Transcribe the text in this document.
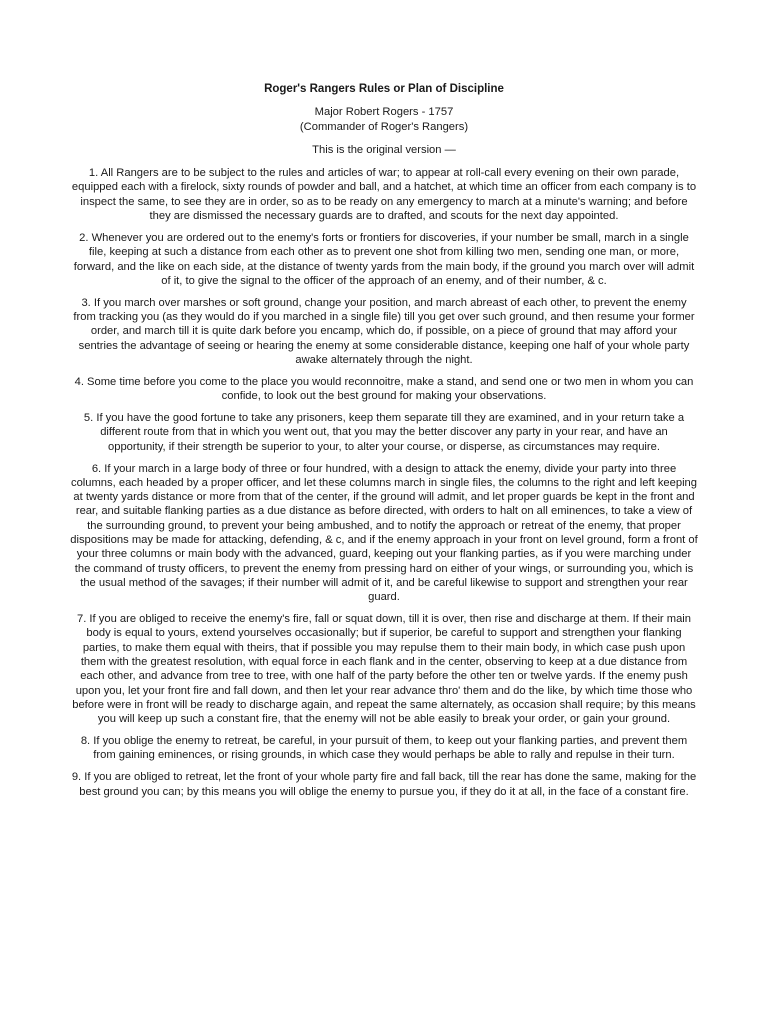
Roger's Rangers Rules or Plan of Discipline
Major Robert Rogers - 1757
(Commander of Roger's Rangers)
This is the original version —

1. All Rangers are to be subject to the rules and articles of war; to appear at roll-call every evening on their own parade, equipped each with a firelock, sixty rounds of powder and ball, and a hatchet, at which time an officer from each company is to inspect the same, to see they are in order, so as to be ready on any emergency to march at a minute's warning; and before they are dismissed the necessary guards are to drafted, and scouts for the next day appointed.

2. Whenever you are ordered out to the enemy's forts or frontiers for discoveries, if your number be small, march in a single file, keeping at such a distance from each other as to prevent one shot from killing two men, sending one man, or more, forward, and the like on each side, at the distance of twenty yards from the main body, if the ground you march over will admit of it, to give the signal to the officer of the approach of an enemy, and of their number, & c.

3. If you march over marshes or soft ground, change your position, and march abreast of each other, to prevent the enemy from tracking you (as they would do if you marched in a single file) till you get over such ground, and then resume your former order, and march till it is quite dark before you encamp, which do, if possible, on a piece of ground that may afford your sentries the advantage of seeing or hearing the enemy at some considerable distance, keeping one half of your whole party awake alternately through the night.

4. Some time before you come to the place you would reconnoitre, make a stand, and send one or two men in whom you can confide, to look out the best ground for making your observations.

5. If you have the good fortune to take any prisoners, keep them separate till they are examined, and in your return take a different route from that in which you went out, that you may the better discover any party in your rear, and have an opportunity, if their strength be superior to your, to alter your course, or disperse, as circumstances may require.

6. If your march in a large body of three or four hundred, with a design to attack the enemy, divide your party into three columns, each headed by a proper officer, and let these columns march in single files, the columns to the right and left keeping at twenty yards distance or more from that of the center, if the ground will admit, and let proper guards be kept in the front and rear, and suitable flanking parties as a due distance as before directed, with orders to halt on all eminences, to take a view of the surrounding ground, to prevent your being ambushed, and to notify the approach or retreat of the enemy, that proper dispositions may be made for attacking, defending, & c, and if the enemy approach in your front on level ground, form a front of your three columns or main body with the advanced, guard, keeping out your flanking parties, as if you were marching under the command of trusty officers, to prevent the enemy from pressing hard on either of your wings, or surrounding you, which is the usual method of the savages; if their number will admit of it, and be careful likewise to support and strengthen your rear guard.

7. If you are obliged to receive the enemy's fire, fall or squat down, till it is over, then rise and discharge at them. If their main body is equal to yours, extend yourselves occasionally; but if superior, be careful to support and strengthen your flanking parties, to make them equal with theirs, that if possible you may repulse them to their main body, in which case push upon them with the greatest resolution, with equal force in each flank and in the center, observing to keep at a due distance from each other, and advance from tree to tree, with one half of the party before the other ten or twelve yards. If the enemy push upon you, let your front fire and fall down, and then let your rear advance thro' them and do the like, by which time those who before were in front will be ready to discharge again, and repeat the same alternately, as occasion shall require; by this means you will keep up such a constant fire, that the enemy will not be able easily to break your order, or gain your ground.

8. If you oblige the enemy to retreat, be careful, in your pursuit of them, to keep out your flanking parties, and prevent them from gaining eminences, or rising grounds, in which case they would perhaps be able to rally and repulse in their turn.

9. If you are obliged to retreat, let the front of your whole party fire and fall back, till the rear has done the same, making for the best ground you can; by this means you will oblige the enemy to pursue you, if they do it at all, in the face of a constant fire.
